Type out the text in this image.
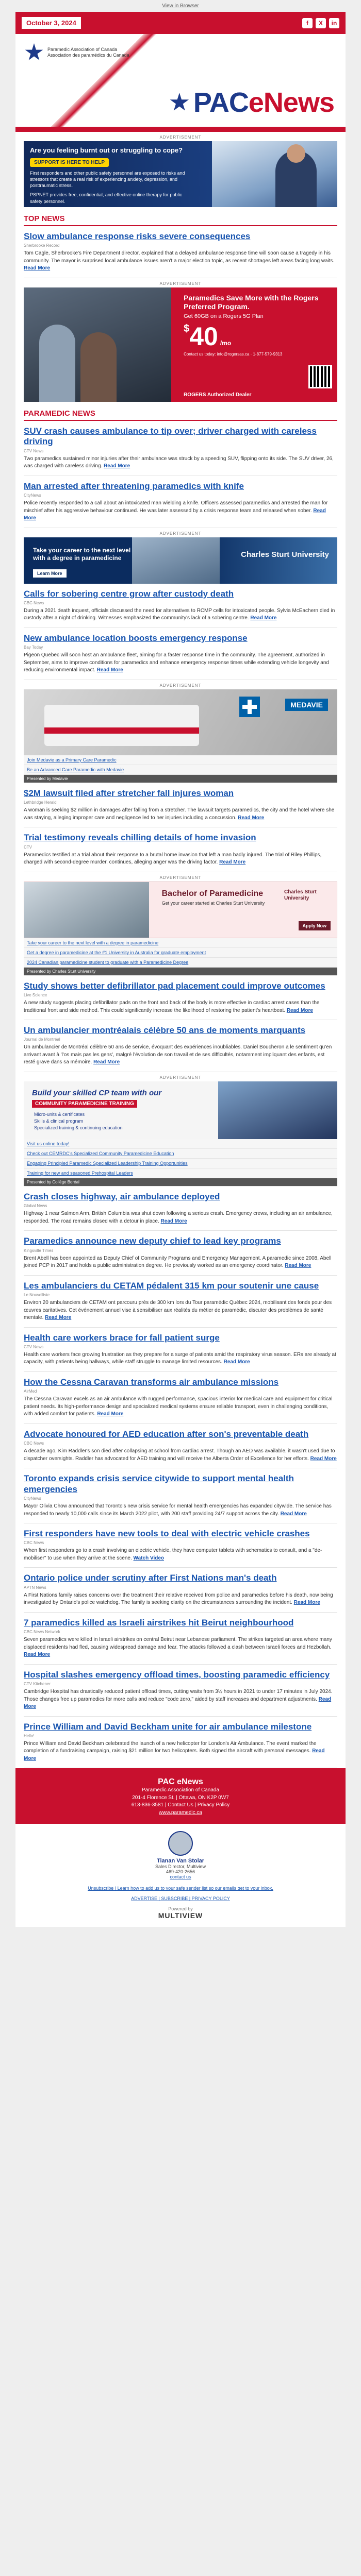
View in Browser
October 3, 2024	f	X	in
Paramedic Association of Canada
Association des paramédics du Canada
PACeNews
ADVERTISEMENT
Are you feeling burnt out or struggling to cope?
SUPPORT IS HERE TO HELP
First responders and other public safety personnel are exposed to risks and stressors that create a real risk of experiencing anxiety, depression, and posttraumatic stress.
PSPNET provides free, confidential, and effective online therapy for public safety personnel.
TOP NEWS
Slow ambulance response risks severe consequences
Sherbrooke Record

Tom Cagle, Sherbrooke's Fire Department director, explained that a delayed ambulance response time will soon cause a tragedy in his community. The mayor is surprised local ambulance issues aren't a major election topic, as recent shortages left areas facing long waits. Read More

ADVERTISEMENT
Paramedics Save More with the Rogers Preferred Program.
Get 60GB on a Rogers 5G Plan
$40 /mo
Contact us today: info@rogersas.ca · 1-877-579-9313
ROGERS Authorized Dealer
PARAMEDIC NEWS
SUV crash causes ambulance to tip over; driver charged with careless driving
CTV News

Two paramedics sustained minor injuries after their ambulance was struck by a speeding SUV, flipping onto its side. The SUV driver, 26, was charged with careless driving. Read More

Man arrested after threatening paramedics with knife
CityNews

Police recently responded to a call about an intoxicated man wielding a knife. Officers assessed paramedics and arrested the man for mischief after his aggressive behaviour continued. He was later assessed by a crisis response team and released when sober. Read More

ADVERTISEMENT
Take your career to the next level with a degree in paramedicine
Learn More
Charles Sturt University
Calls for sobering centre grow after custody death
CBC News

During a 2021 death inquest, officials discussed the need for alternatives to RCMP cells for intoxicated people. Sylvia McEachern died in custody after a night of drinking. Witnesses emphasized the community's lack of a sobering centre. Read More

New ambulance location boosts emergency response
Bay Today

Pigeon Quebec will soon host an ambulance fleet, aiming for a faster response time in the community. The agreement, authorized in September, aims to improve conditions for paramedics and enhance emergency response times while extending vehicle longevity and reducing environmental impact. Read More

ADVERTISEMENT
MEDAVIE
Join Medavie as a Primary Care Paramedic
Be an Advanced Care Paramedic with Medavie
Presented by Medavie
$2M lawsuit filed after stretcher fall injures woman
Lethbridge Herald

A woman is seeking $2 million in damages after falling from a stretcher. The lawsuit targets paramedics, the city and the hotel where she was staying, alleging improper care and negligence led to her injuries including a concussion. Read More

Trial testimony reveals chilling details of home invasion
CTV

Paramedics testified at a trial about their response to a brutal home invasion that left a man badly injured. The trial of Riley Phillips, charged with second-degree murder, continues, alleging anger was the driving factor. Read More

ADVERTISEMENT
Bachelor of Paramedicine
Get your career started at Charles Sturt University
Charles Sturt University
Apply Now
Take your career to the next level with a degree in paramedicine
Get a degree in paramedicine at the #1 University in Australia for graduate employment
2024 Canadian paramedicine student to graduate with a Paramedicine Degree
Presented by Charles Sturt University
Study shows better defibrillator pad placement could improve outcomes
Live Science

A new study suggests placing defibrillator pads on the front and back of the body is more effective in cardiac arrest cases than the traditional front and side method. This could significantly increase the likelihood of restoring the patient's heartbeat. Read More

Un ambulancier montréalais célèbre 50 ans de moments marquants
Journal de Montréal

Un ambulancier de Montréal célèbre 50 ans de service, évoquant des expériences inoubliables. Daniel Boucheron a le sentiment qu'en arrivant avant à 'l'os mais pas les gens', malgré l'évolution de son travail et de ses difficultés, notamment impliquant des enfants, est resté grave dans sa mémoire. Read More

ADVERTISEMENT
Build your skilled CP team with our
COMMUNITY PARAMEDICINE TRAINING
Micro-units & certificates
Skills & clinical program
Specialized training & continuing education
Visit us online today!
Check out CEMRDC's Specialized Community Paramedicine Education
Engaging Principled Paramedic Specialized Leadership Training Opportunities
Training for new and seasoned Prehospital Leaders
Presented by Collège Boréal
Crash closes highway, air ambulance deployed
Global News

Highway 1 near Salmon Arm, British Columbia was shut down following a serious crash. Emergency crews, including an air ambulance, responded. The road remains closed with a detour in place. Read More

Paramedics announce new deputy chief to lead key programs
Kingsville Times

Brent Abell has been appointed as Deputy Chief of Community Programs and Emergency Management. A paramedic since 2008, Abell joined PCP in 2017 and holds a public administration degree. He previously worked as an emergency coordinator. Read More

Les ambulanciers du CETAM pédalent 315 km pour soutenir une cause
Le Nouvelliste

Environ 20 ambulanciers de CETAM ont parcouru près de 300 km lors du Tour paramédic Québec 2024, mobilisant des fonds pour des œuvres caritatives. Cet événement annuel vise à sensibiliser aux réalités du métier de paramédic, discuter des problèmes de santé mentale. Read More

Health care workers brace for fall patient surge
CTV News

Health care workers face growing frustration as they prepare for a surge of patients amid the respiratory virus season. ERs are already at capacity, with patients being hallways, while staff struggle to manage limited resources. Read More

How the Cessna Caravan transforms air ambulance missions
AirMed

The Cessna Caravan excels as an air ambulance with rugged performance, spacious interior for medical care and equipment for critical patient needs. Its high-performance design and specialized medical systems ensure reliable transport, even in challenging conditions, with added comfort for patients. Read More

Advocate honoured for AED education after son's preventable death
CBC News

A decade ago, Kim Raddler's son died after collapsing at school from cardiac arrest. Though an AED was available, it wasn't used due to dispatcher oversights. Raddler has advocated for AED training and will receive the Alberta Order of Excellence for her efforts. Read More

Toronto expands crisis service citywide to support mental health emergencies
CityNews

Mayor Olivia Chow announced that Toronto's new crisis service for mental health emergencies has expanded citywide. The service has responded to nearly 10,000 calls since its March 2022 pilot, with 200 staff providing 24/7 support across the city. Read More

First responders have new tools to deal with electric vehicle crashes
CBC News

When first responders go to a crash involving an electric vehicle, they have computer tablets with schematics to consult, and a "de-mobiliser" to use when they arrive at the scene. Watch Video

Ontario police under scrutiny after First Nations man's death
APTN News

A First Nations family raises concerns over the treatment their relative received from police and paramedics before his death, now being investigated by Ontario's police watchdog. The family is seeking clarity on the circumstances surrounding the incident. Read More

7 paramedics killed as Israeli airstrikes hit Beirut neighbourhood
CBC News Network

Seven paramedics were killed in Israeli airstrikes on central Beirut near Lebanese parliament. The strikes targeted an area where many displaced residents had fled, causing widespread damage and fear. The attacks followed a clash between Israeli forces and Hezbollah. Read More

Hospital slashes emergency offload times, boosting paramedic efficiency
CTV Kitchener

Cambridge Hospital has drastically reduced patient offload times, cutting waits from 3½ hours in 2021 to under 17 minutes in July 2024. Those changes free up paramedics for more calls and reduce "code zero," aided by staff increases and department adjustments. Read More

Prince William and David Beckham unite for air ambulance milestone
Hello!

Prince William and David Beckham celebrated the launch of a new helicopter for London's Air Ambulance. The event marked the completion of a fundraising campaign, raising $21 million for two helicopters. Both signed the aircraft with personal messages. Read More

PAC eNews
Paramedic Association of Canada
201-4 Florence St. | Ottawa, ON K2P 0W7
613-836-3581 | Contact Us | Privacy Policy
www.paramedic.ca
Tianan Van Stolar
Sales Director, Multiview
469-420-2656
contact us
Unsubscribe | Learn how to add us to your safe sender list so our emails get to your inbox.
ADVERTISE | SUBSCRIBE | PRIVACY POLICY
Powered by
MULTIVIEW
